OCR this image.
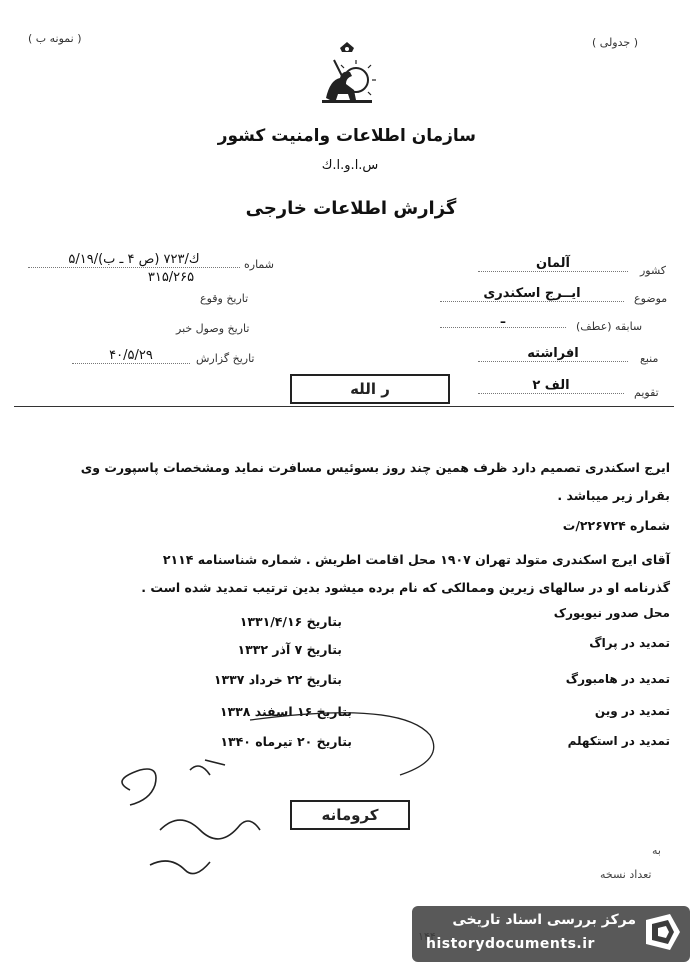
( جدولی )
( نمونه ب )
سازمان اطلاعات وامنیت کشور
س.ا.و.ا.ك
گزارش اطلاعات خارجی
کشور
آلمان
موضوع
ایــرج اسکندری
سابقه (عطف)
ـ
منبع
افراشته
تقویم
الف ۲
شماره
۵/۱۹/ك/۷۲۳ (ص ۴ ـ ب)
۳۱۵/۲۶۵
تاریخ وقوع
تاریخ وصول خبر
تاریخ گزارش
۴۰/۵/۲۹
ر الله
ایرج اسکندری تصمیم دارد ظرف همین چند روز بسوئیس مسافرت نماید ومشخصات پاسپورت وی
بقرار زیر میباشد .
شماره ۲۲۶۷۲۴/ت
آقای ایرج اسکندری متولد تهران ۱۹۰۷ محل اقامت اطریش . شماره شناسنامه ۲۱۱۴
گذرنامه او در سالهای زیرین وممالکی که نام برده میشود بدین ترتیب تمدید شده است .
محل صدور نیویورک
بتاریخ ۱۳۳۱/۴/۱۶
تمدید در پراگ
بتاریخ ۷ آذر ۱۳۳۲
تمدید در هامبورگ
بتاریخ ۲۲ خرداد ۱۳۳۷
تمدید در وین
بتاریخ ۱۶ اسفند ۱۳۳۸
تمدید در استکهلم
بتاریخ ۲۰ تیرماه ۱۳۴۰
کرومانه
به
تعداد نسخه
مرکز بررسی اسناد تاریخی
historydocuments.ir
